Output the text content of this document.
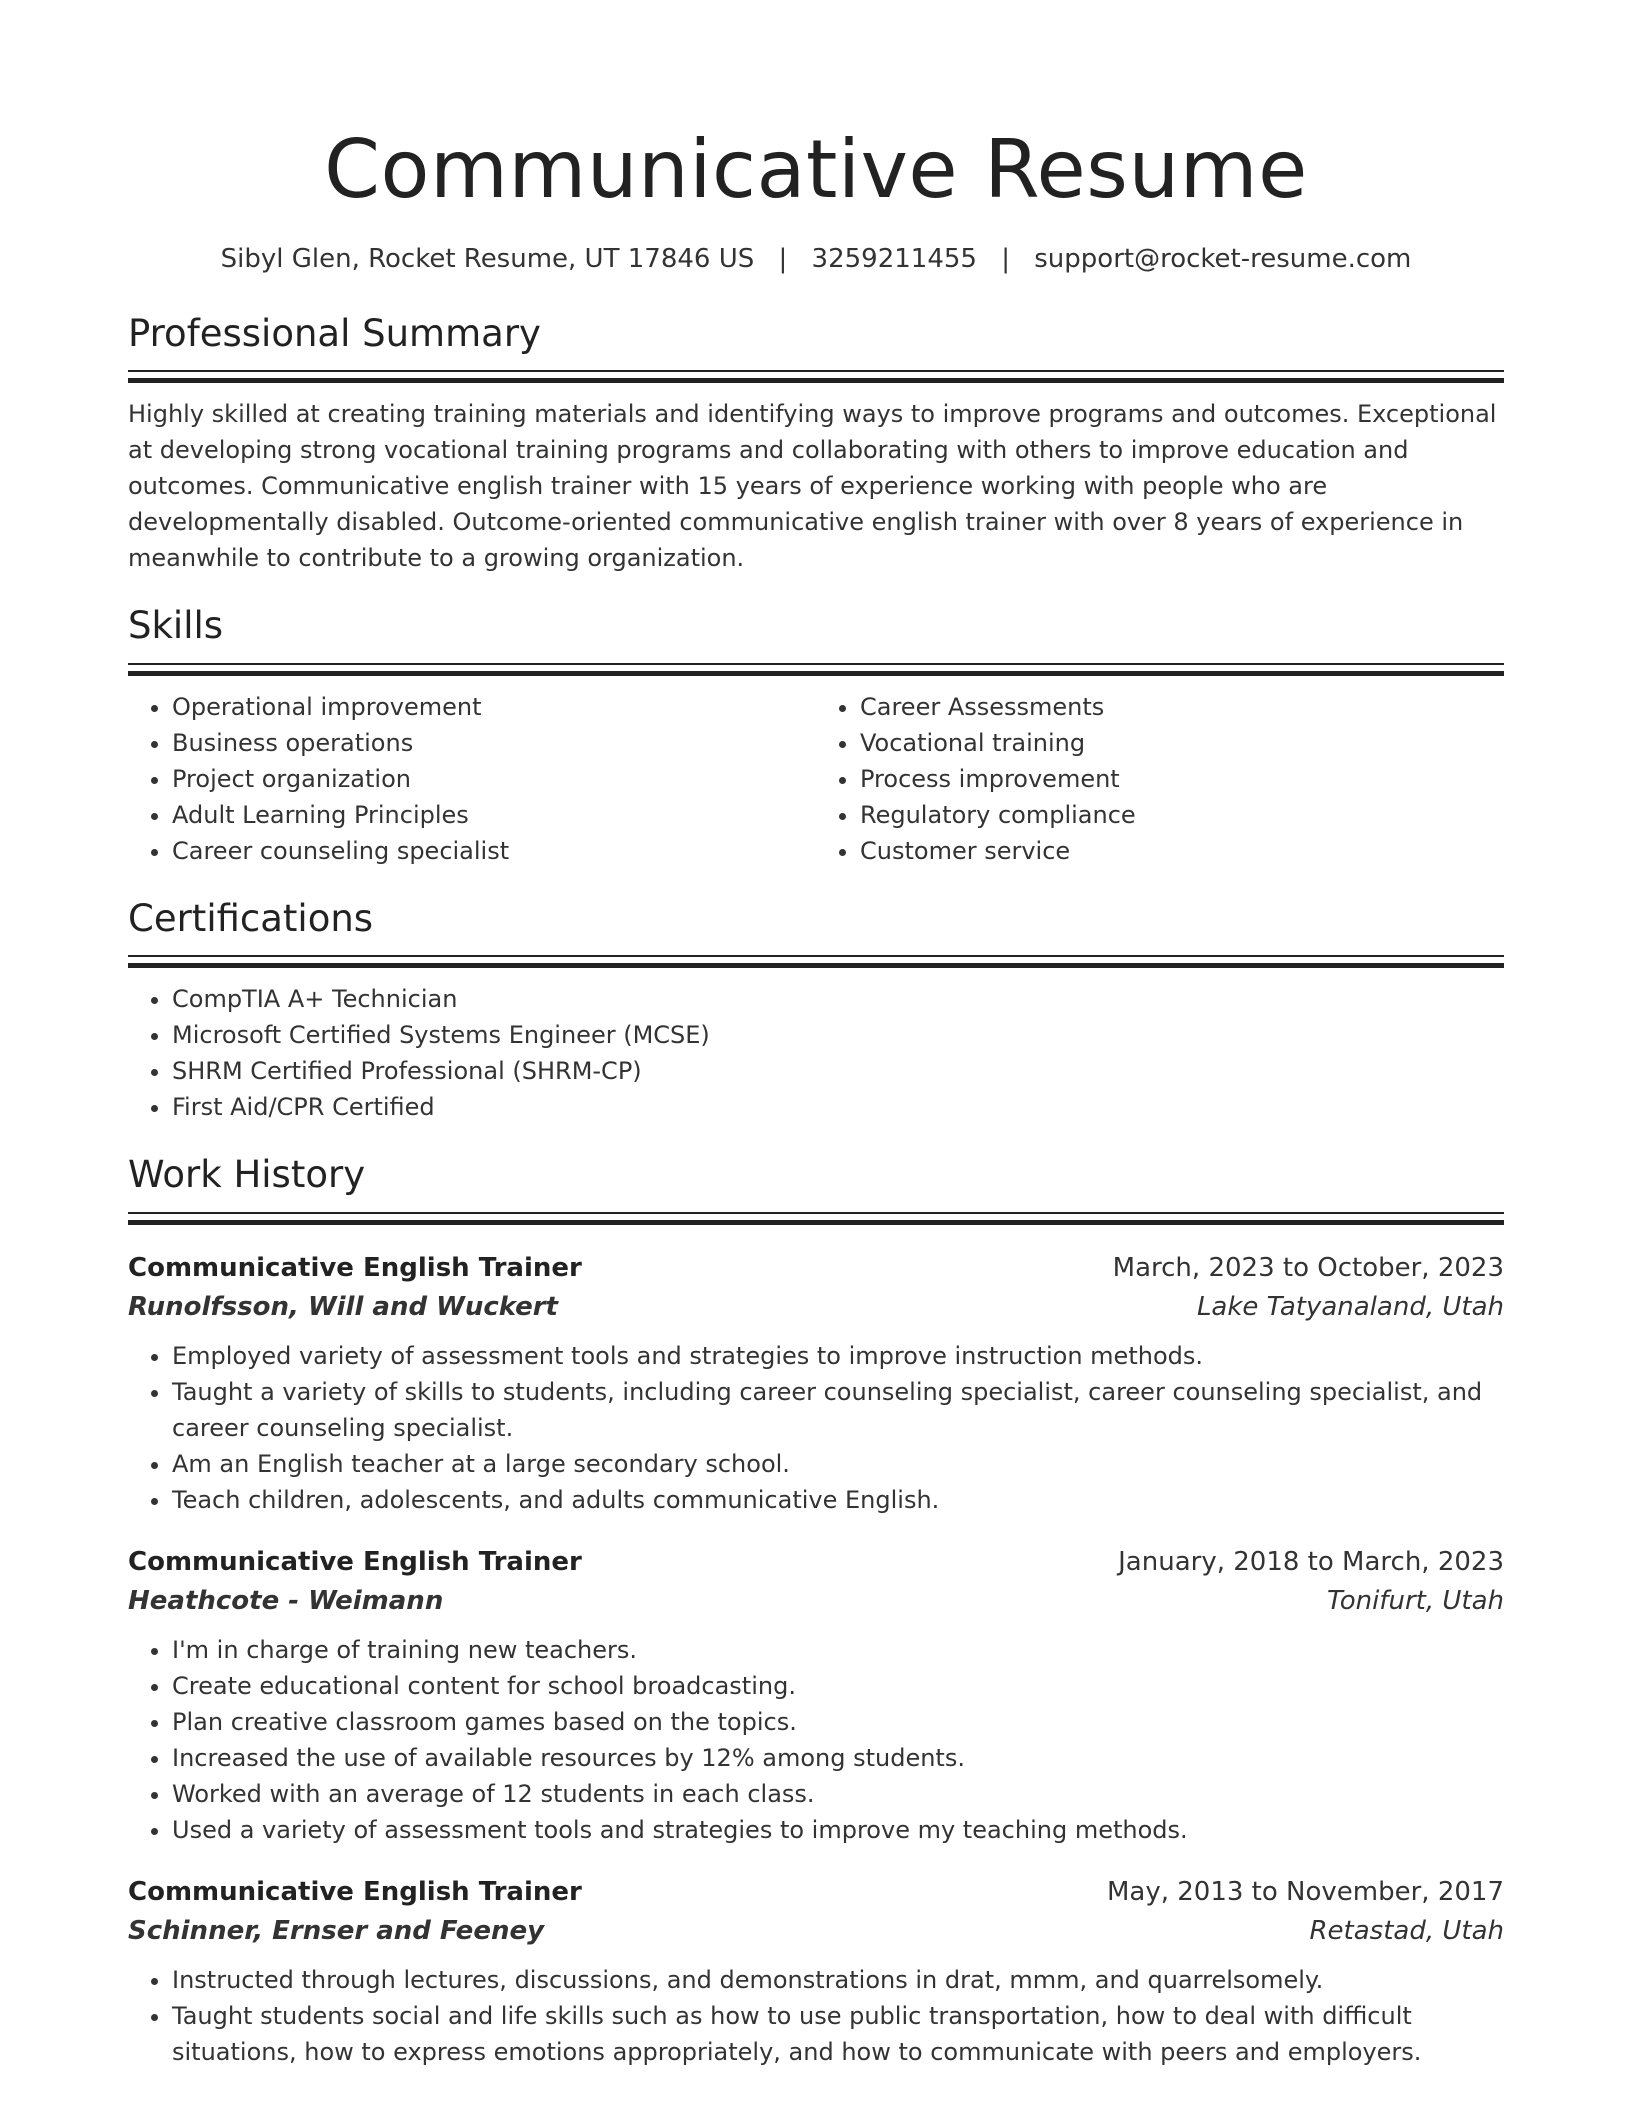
Communicative Resume
Sibyl Glen, Rocket Resume, UT 17846 US | 3259211455 | support@rocket-resume.com
Professional Summary

Highly skilled at creating training materials and identifying ways to improve programs and outcomes. Exceptional at developing strong vocational training programs and collaborating with others to improve education and outcomes. Communicative english trainer with 15 years of experience working with people who are developmentally disabled. Outcome-oriented communicative english trainer with over 8 years of experience in meanwhile to contribute to a growing organization.

Skills
• Operational improvement
• Business operations
• Project organization
• Adult Learning Principles
• Career counseling specialist
• Career Assessments
• Vocational training
• Process improvement
• Regulatory compliance
• Customer service
Certifications
• CompTIA A+ Technician
• Microsoft Certified Systems Engineer (MCSE)
• SHRM Certified Professional (SHRM-CP)
• First Aid/CPR Certified
Work History
Communicative English Trainer	March, 2023 to October, 2023
Runolfsson, Will and Wuckert	Lake Tatyanaland, Utah
• Employed variety of assessment tools and strategies to improve instruction methods.
• Taught a variety of skills to students, including career counseling specialist, career counseling specialist, and career counseling specialist.
• Am an English teacher at a large secondary school.
• Teach children, adolescents, and adults communicative English.
Communicative English Trainer	January, 2018 to March, 2023
Heathcote - Weimann	Tonifurt, Utah
• I'm in charge of training new teachers.
• Create educational content for school broadcasting.
• Plan creative classroom games based on the topics.
• Increased the use of available resources by 12% among students.
• Worked with an average of 12 students in each class.
• Used a variety of assessment tools and strategies to improve my teaching methods.
Communicative English Trainer	May, 2013 to November, 2017
Schinner, Ernser and Feeney	Retastad, Utah
• Instructed through lectures, discussions, and demonstrations in drat, mmm, and quarrelsomely.
• Taught students social and life skills such as how to use public transportation, how to deal with difficult situations, how to express emotions appropriately, and how to communicate with peers and employers.
